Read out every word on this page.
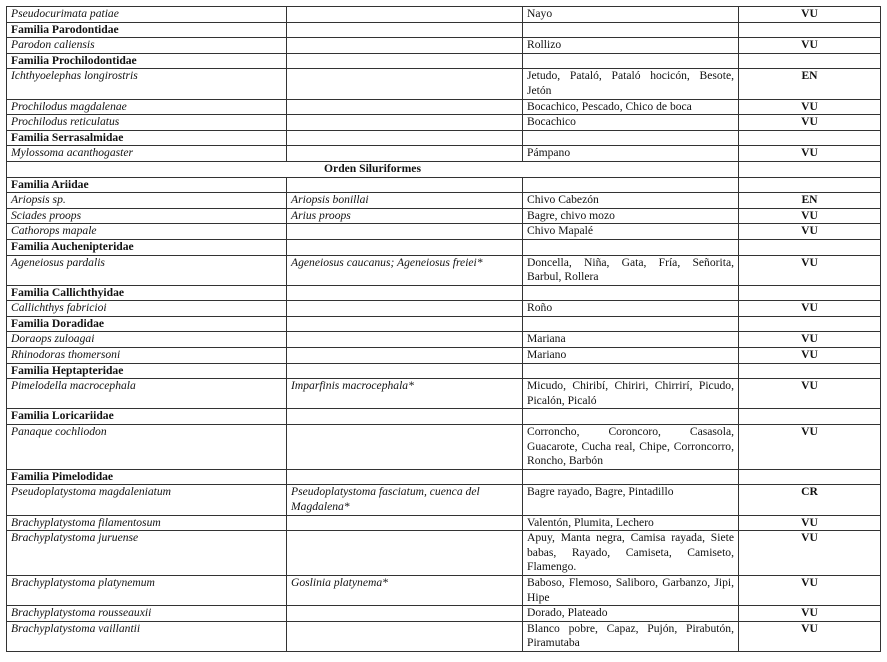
Pseudocurimata patiae		Nayo	VU
Familia Parodontidae			
Parodon caliensis		Rollizo	VU
Familia Prochilodontidae			
Ichthyoelephas longirostris		Jetudo, Pataló, Pataló hocicón, Besote, Jetón	EN
Prochilodus magdalenae		Bocachico, Pescado, Chico de boca	VU
Prochilodus reticulatus		Bocachico	VU
Familia Serrasalmidae			
Mylossoma acanthogaster		Pámpano	VU
Orden Siluriformes			
Familia Ariidae			
Ariopsis sp.	Ariopsis bonillai	Chivo Cabezón	EN
Sciades proops	Arius proops	Bagre, chivo mozo	VU
Cathorops mapale		Chivo Mapalé	VU
Familia Auchenipteridae			
Ageneiosus pardalis	Ageneiosus caucanus; Ageneiosus freiei*	Doncella, Niña, Gata, Fría, Señorita, Barbul, Rollera	VU
Familia Callichthyidae			
Callichthys fabricioi		Roño	VU
Familia Doradidae			
Doraops zuloagai		Mariana	VU
Rhinodoras thomersoni		Mariano	VU
Familia Heptapteridae			
Pimelodella macrocephala	Imparfinis macrocephala*	Micudo, Chiribí, Chiriri, Chirrirí, Picudo, Picalón, Picaló	VU
Familia Loricariidae			
Panaque cochliodon		Corroncho, Coroncoro, Casasola, Guacarote, Cucha real, Chipe, Corroncorro, Roncho, Barbón	VU
Familia Pimelodidae			
Pseudoplatystoma magdaleniatum	Pseudoplatystoma fasciatum, cuenca del Magdalena*	Bagre rayado, Bagre, Pintadillo	CR
Brachyplatystoma filamentosum		Valentón, Plumita, Lechero	VU
Brachyplatystoma juruense		Apuy, Manta negra, Camisa rayada, Siete babas, Rayado, Camiseta, Camiseto, Flamengo.	VU
Brachyplatystoma platynemum	Goslinia platynema*	Baboso, Flemoso, Saliboro, Garbanzo, Jipi, Hipe	VU
Brachyplatystoma rousseauxii		Dorado, Plateado	VU
Brachyplatystoma vaillantii		Blanco pobre, Capaz, Pujón, Pirabutón, Piramutaba	VU
